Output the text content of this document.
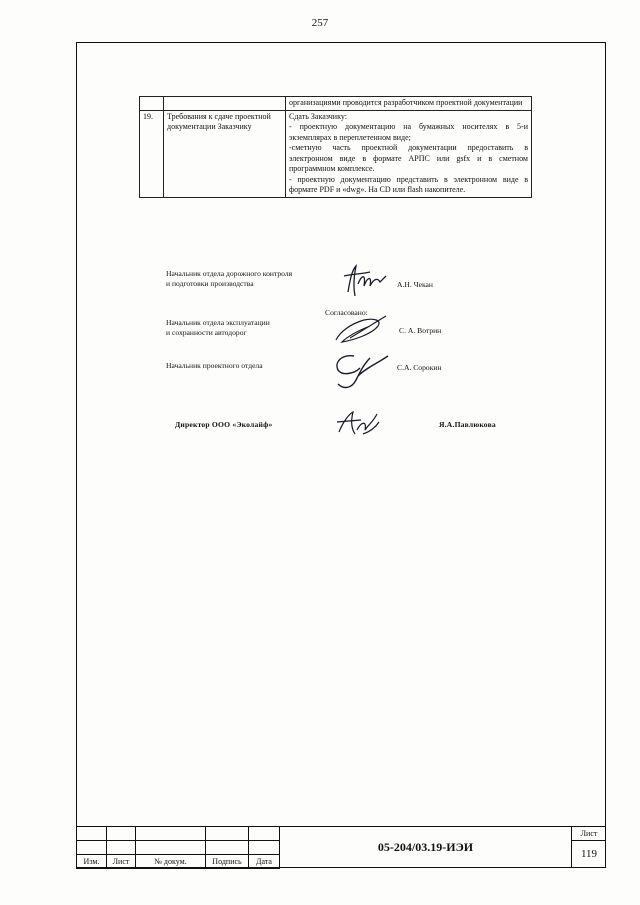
257
		организациями проводится разработчиком проектной документации
19.	Требования к сдаче проектной документации Заказчику	Сдать Заказчику:
- проектную документацию на бумажных носителях в 5-и экземплярах в переплетенном виде;
-сметную часть проектной документации предоставить в электронном виде в формате АРПС или gsfx и в сметном программном комплексе.
- проектную документацию представить в электронном виде в формате PDF и «dwg». На CD или flash накопителе.
Начальник отдела дорожного контроля
и подготовки производства	А.Н. Чекан
Согласовано:
Начальник отдела эксплуатации
и сохранности автодорог	С. А. Вотрин
Начальник проектного отдела	С.А. Сорокин
Директор ООО «Эколайф»	Я.А.Павлюкова

Изм.	Лист	№ докум.	Подпись	Дата
05-204/03.19-ИЭИ
Лист
119
